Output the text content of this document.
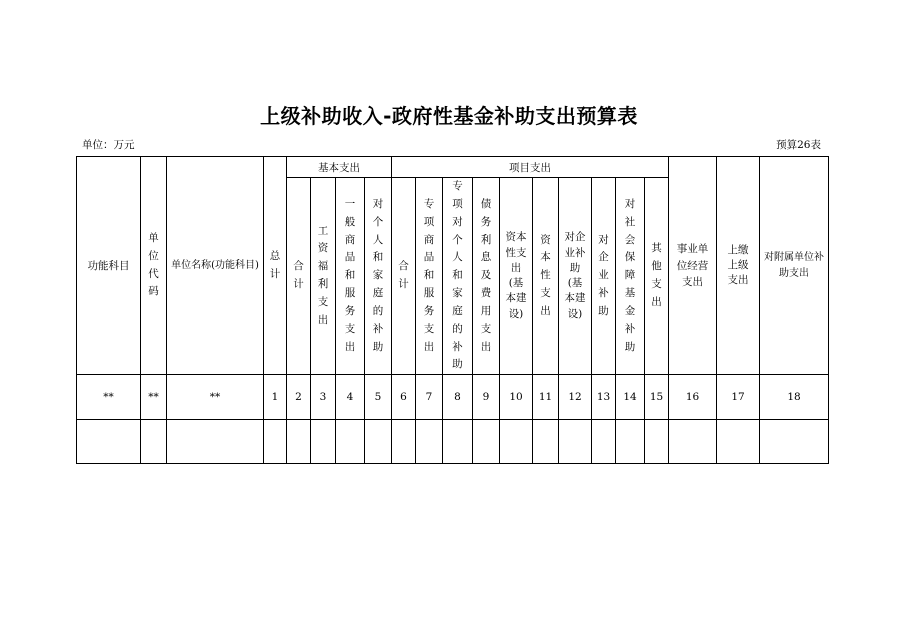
上级补助收入-政府性基金补助支出预算表
单位：万元	预算26表
功能科目	单位代码	单位名称(功能科目)	总计	基本支出				项目支出										事业单位经营支出	上缴上级支出	对附属单位补助支出
				合计	工资福利支出	一般商品和服务支出	对个人和家庭的补助	合计	专项商品和服务支出	专项对个人和家庭的补助	债务利息及费用支出	资本性支出(基本建设)	资本性支出	对企业补助(基本建设)	对企业补助	对社会保障基金补助	其他支出			
**	**	**	1	2	3	4	5	6	7	8	9	10	11	12	13	14	15	16	17	18
